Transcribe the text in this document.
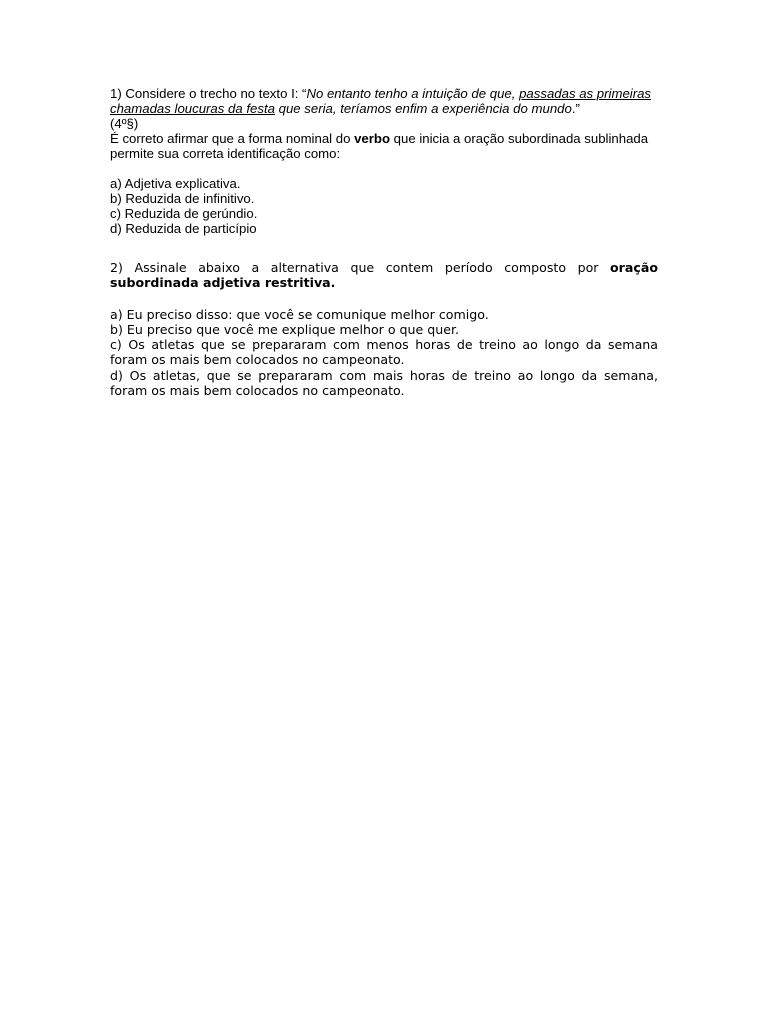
1) Considere o trecho no texto I: “No entanto tenho a intuição de que, passadas as primeiras chamadas loucuras da festa que seria, teríamos enfim a experiência do mundo.”
(4º§)
É correto afirmar que a forma nominal do verbo que inicia a oração subordinada sublinhada permite sua correta identificação como:

a) Adjetiva explicativa.
b) Reduzida de infinitivo.
c) Reduzida de gerúndio.
d) Reduzida de particípio

2) Assinale abaixo a alternativa que contem período composto por oração subordinada adjetiva restritiva.

a) Eu preciso disso: que você se comunique melhor comigo.

b) Eu preciso que você me explique melhor o que quer.

c) Os atletas que se prepararam com menos horas de treino ao longo da semana foram os mais bem colocados no campeonato.

d) Os atletas, que se prepararam com mais horas de treino ao longo da semana, foram os mais bem colocados no campeonato.
